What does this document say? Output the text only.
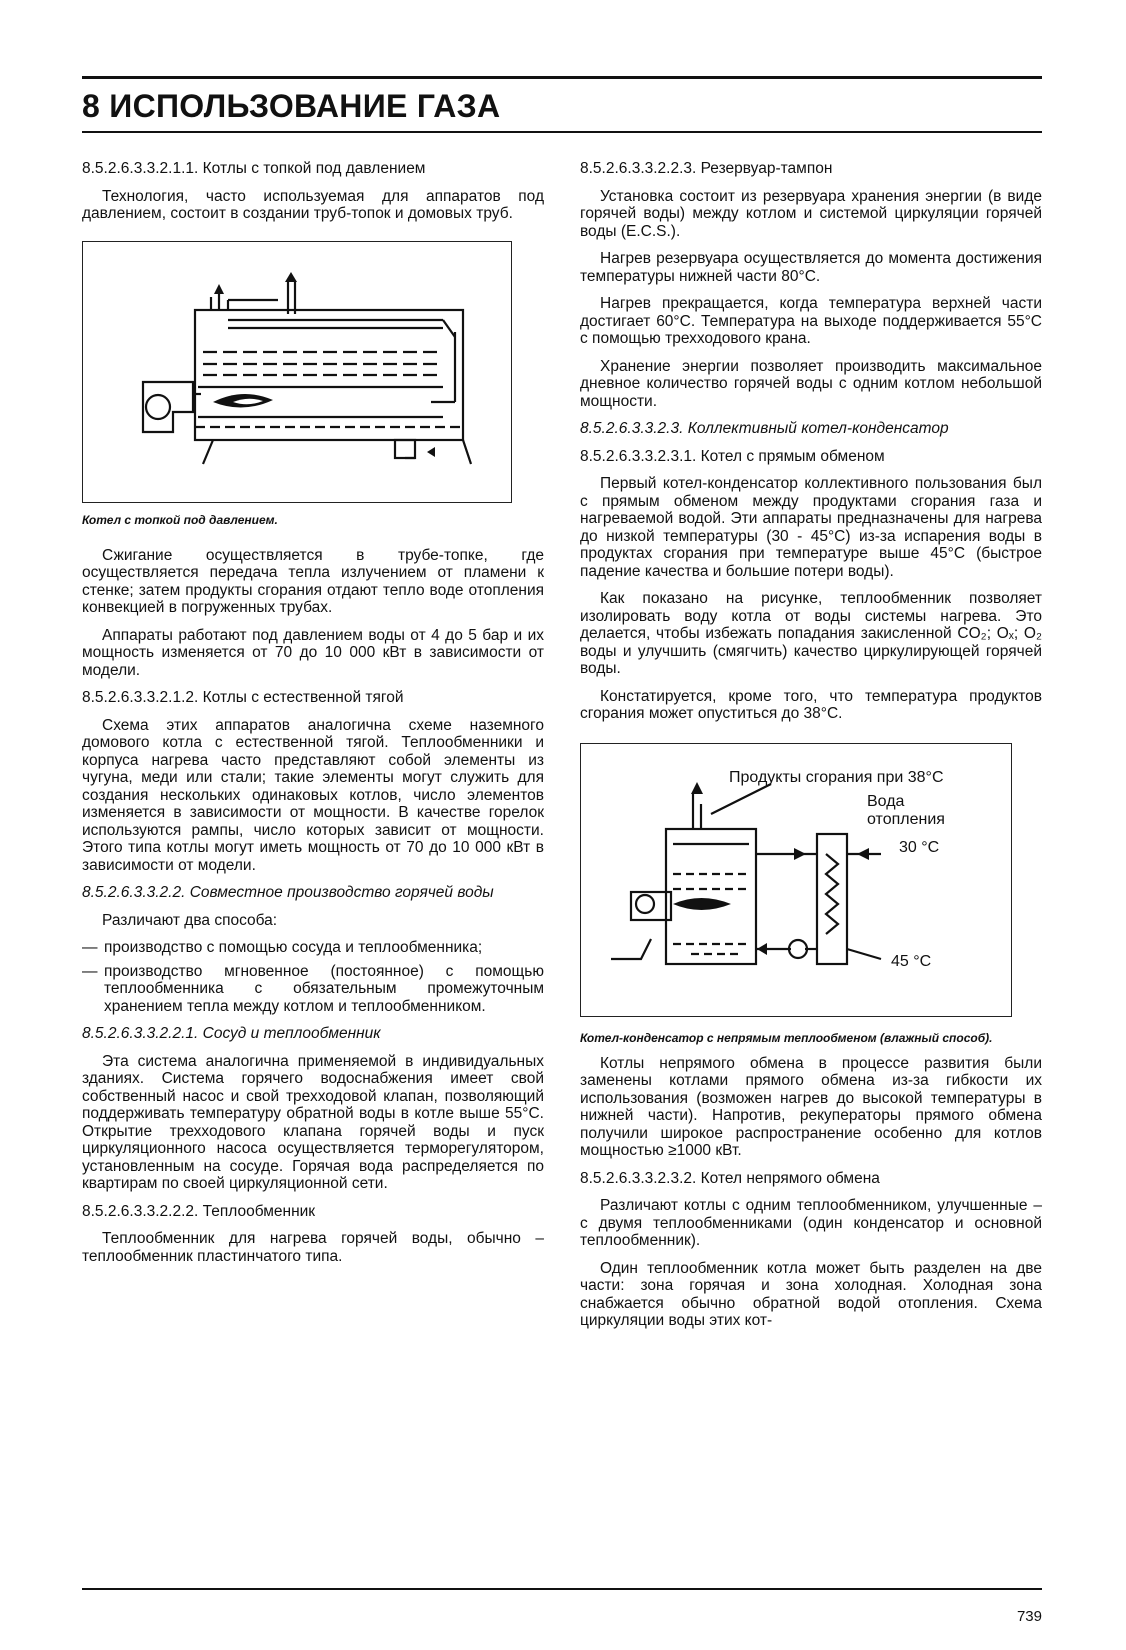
8 ИСПОЛЬЗОВАНИЕ ГАЗА
8.5.2.6.3.3.2.1.1. Котлы с топкой под давлением

Технология, часто используемая для аппаратов под давлением, состоит в создании труб-топок и домовых труб.

Котел с топкой под давлением.

Сжигание осуществляется в трубе-топке, где осуществляется передача тепла излучением от пламени к стенке; затем продукты сгорания отдают тепло воде отопления конвекцией в погруженных трубах.

Аппараты работают под давлением воды от 4 до 5 бар и их мощность изменяется от 70 до 10 000 кВт в зависимости от модели.

8.5.2.6.3.3.2.1.2. Котлы с естественной тягой

Схема этих аппаратов аналогична схеме наземного домового котла с естественной тягой. Теплообменники и корпуса нагрева часто представляют собой элементы из чугуна, меди или стали; такие элементы могут служить для создания нескольких одинаковых котлов, число элементов изменяется в зависимости от мощности. В качестве горелок используются рампы, число которых зависит от мощности. Этого типа котлы могут иметь мощность от 70 до 10 000 кВт в зависимости от модели.

8.5.2.6.3.3.2.2. Совместное производство горячей воды

Различают два способа:

— производство с помощью сосуда и теплообменника;
— производство мгновенное (постоянное) с помощью теплообменника с обязательным промежуточным хранением тепла между котлом и теплообменником.
8.5.2.6.3.3.2.2.1. Сосуд и теплообменник

Эта система аналогична применяемой в индивидуальных зданиях. Система горячего водоснабжения имеет свой собственный насос и свой трехходовой клапан, позволяющий поддерживать температуру обратной воды в котле выше 55°С. Открытие трехходового клапана горячей воды и пуск циркуляционного насоса осуществляется терморегулятором, установленным на сосуде. Горячая вода распределяется по квартирам по своей циркуляционной сети.

8.5.2.6.3.3.2.2.2. Теплообменник

Теплообменник для нагрева горячей воды, обычно – теплообменник пластинчатого типа.

8.5.2.6.3.3.2.2.3. Резервуар-тампон

Установка состоит из резервуара хранения энергии (в виде горячей воды) между котлом и системой циркуляции горячей воды (E.C.S.).

Нагрев резервуара осуществляется до момента достижения температуры нижней части 80°С.

Нагрев прекращается, когда температура верхней части достигает 60°С. Температура на выходе поддерживается 55°С с помощью трехходового крана.

Хранение энергии позволяет производить максимальное дневное количество горячей воды с одним котлом небольшой мощности.

8.5.2.6.3.3.2.3. Коллективный котел-конденсатор
8.5.2.6.3.3.2.3.1. Котел с прямым обменом

Первый котел-конденсатор коллективного пользования был с прямым обменом между продуктами сгорания газа и нагреваемой водой. Эти аппараты предназначены для нагрева до низкой температуры (30 - 45°С) из-за испарения воды в продуктах сгорания при температуре выше 45°С (быстрое падение качества и большие потери воды).

Как показано на рисунке, теплообменник позволяет изолировать воду котла от воды системы нагрева. Это делается, чтобы избежать попадания закисленной CO₂; Oₓ; O₂ воды и улучшить (смягчить) качество циркулирующей горячей воды.

Констатируется, кроме того, что температура продуктов сгорания может опуститься до 38°С.

Продукты сгорания при 38°С
Вода
отопления
30 °С
45 °С
Котел-конденсатор с непрямым теплообменом (влажный способ).

Котлы непрямого обмена в процессе развития были заменены котлами прямого обмена из-за гибкости их использования (возможен нагрев до высокой температуры в нижней части). Напротив, рекуператоры прямого обмена получили широкое распространение особенно для котлов мощностью ≥1000 кВт.

8.5.2.6.3.3.2.3.2. Котел непрямого обмена

Различают котлы с одним теплообменником, улучшенные – с двумя теплообменниками (один конденсатор и основной теплообменник).

Один теплообменник котла может быть разделен на две части: зона горячая и зона холодная. Холодная зона снабжается обычно обратной водой отопления. Схема циркуляции воды этих кот-

739
